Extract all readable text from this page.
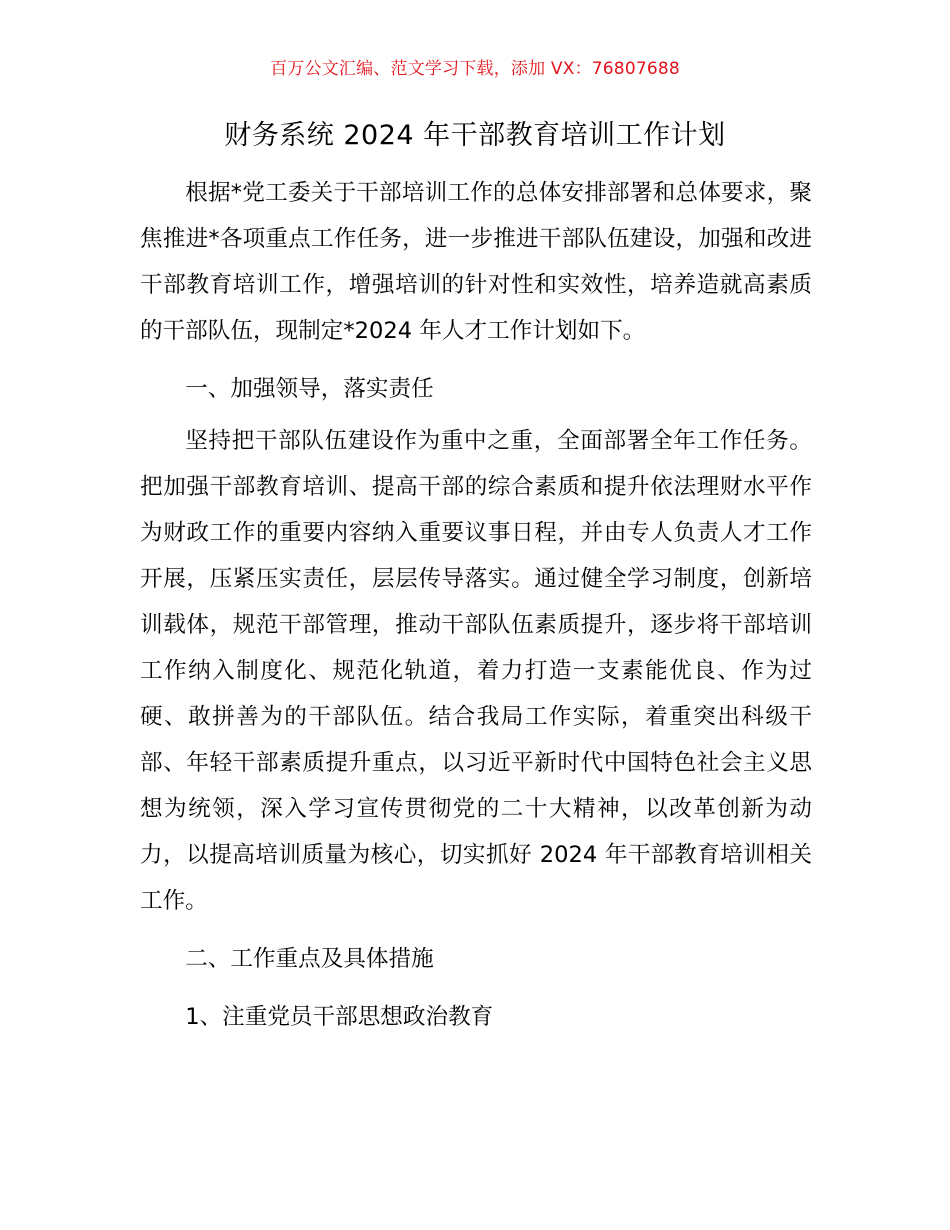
百万公文汇编、范文学习下载，添加 VX：76807688
财务系统 2024 年干部教育培训工作计划

根据*党工委关于干部培训工作的总体安排部署和总体要求，聚焦推进*各项重点工作任务，进一步推进干部队伍建设，加强和改进干部教育培训工作，增强培训的针对性和实效性，培养造就高素质的干部队伍，现制定*2024 年人才工作计划如下。

一、加强领导，落实责任

坚持把干部队伍建设作为重中之重，全面部署全年工作任务。把加强干部教育培训、提高干部的综合素质和提升依法理财水平作为财政工作的重要内容纳入重要议事日程，并由专人负责人才工作开展，压紧压实责任，层层传导落实。通过健全学习制度，创新培训载体，规范干部管理，推动干部队伍素质提升，逐步将干部培训工作纳入制度化、规范化轨道，着力打造一支素能优良、作为过硬、敢拼善为的干部队伍。结合我局工作实际，着重突出科级干部、年轻干部素质提升重点，以习近平新时代中国特色社会主义思想为统领，深入学习宣传贯彻党的二十大精神，以改革创新为动力，以提高培训质量为核心，切实抓好 2024 年干部教育培训相关工作。

二、工作重点及具体措施

1、注重党员干部思想政治教育
